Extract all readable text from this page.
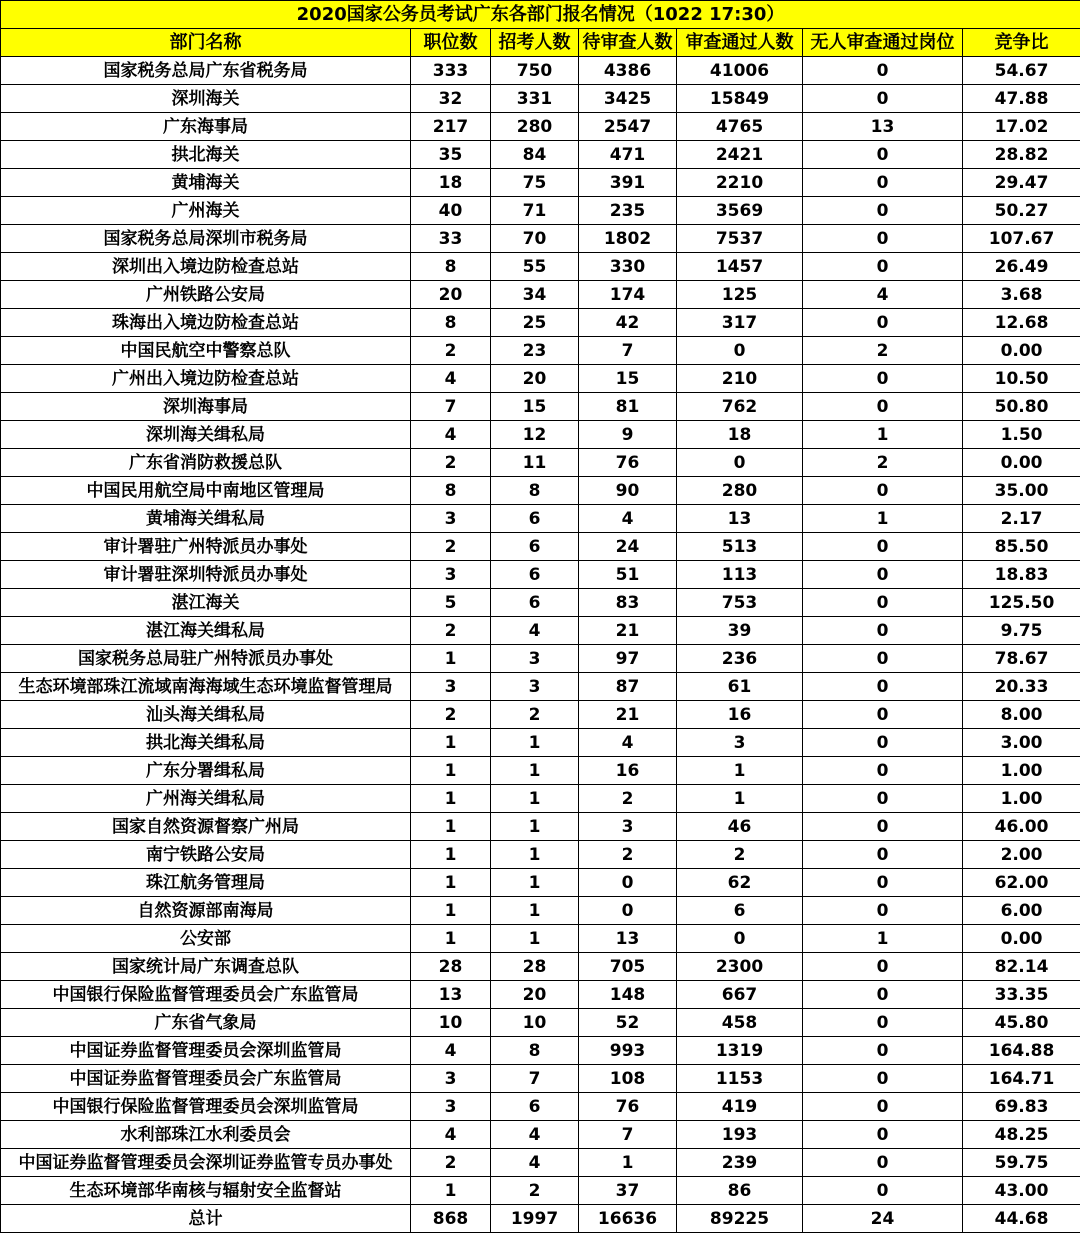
2020国家公务员考试广东各部门报名情况（1022 17:30）						
部门名称	职位数	招考人数	待审查人数	审查通过人数	无人审查通过岗位	竞争比
国家税务总局广东省税务局	333	750	4386	41006	0	54.67
深圳海关	32	331	3425	15849	0	47.88
广东海事局	217	280	2547	4765	13	17.02
拱北海关	35	84	471	2421	0	28.82
黄埔海关	18	75	391	2210	0	29.47
广州海关	40	71	235	3569	0	50.27
国家税务总局深圳市税务局	33	70	1802	7537	0	107.67
深圳出入境边防检查总站	8	55	330	1457	0	26.49
广州铁路公安局	20	34	174	125	4	3.68
珠海出入境边防检查总站	8	25	42	317	0	12.68
中国民航空中警察总队	2	23	7	0	2	0.00
广州出入境边防检查总站	4	20	15	210	0	10.50
深圳海事局	7	15	81	762	0	50.80
深圳海关缉私局	4	12	9	18	1	1.50
广东省消防救援总队	2	11	76	0	2	0.00
中国民用航空局中南地区管理局	8	8	90	280	0	35.00
黄埔海关缉私局	3	6	4	13	1	2.17
审计署驻广州特派员办事处	2	6	24	513	0	85.50
审计署驻深圳特派员办事处	3	6	51	113	0	18.83
湛江海关	5	6	83	753	0	125.50
湛江海关缉私局	2	4	21	39	0	9.75
国家税务总局驻广州特派员办事处	1	3	97	236	0	78.67
生态环境部珠江流域南海海域生态环境监督管理局	3	3	87	61	0	20.33
汕头海关缉私局	2	2	21	16	0	8.00
拱北海关缉私局	1	1	4	3	0	3.00
广东分署缉私局	1	1	16	1	0	1.00
广州海关缉私局	1	1	2	1	0	1.00
国家自然资源督察广州局	1	1	3	46	0	46.00
南宁铁路公安局	1	1	2	2	0	2.00
珠江航务管理局	1	1	0	62	0	62.00
自然资源部南海局	1	1	0	6	0	6.00
公安部	1	1	13	0	1	0.00
国家统计局广东调查总队	28	28	705	2300	0	82.14
中国银行保险监督管理委员会广东监管局	13	20	148	667	0	33.35
广东省气象局	10	10	52	458	0	45.80
中国证券监督管理委员会深圳监管局	4	8	993	1319	0	164.88
中国证券监督管理委员会广东监管局	3	7	108	1153	0	164.71
中国银行保险监督管理委员会深圳监管局	3	6	76	419	0	69.83
水利部珠江水利委员会	4	4	7	193	0	48.25
中国证券监督管理委员会深圳证券监管专员办事处	2	4	1	239	0	59.75
生态环境部华南核与辐射安全监督站	1	2	37	86	0	43.00
总计	868	1997	16636	89225	24	44.68
